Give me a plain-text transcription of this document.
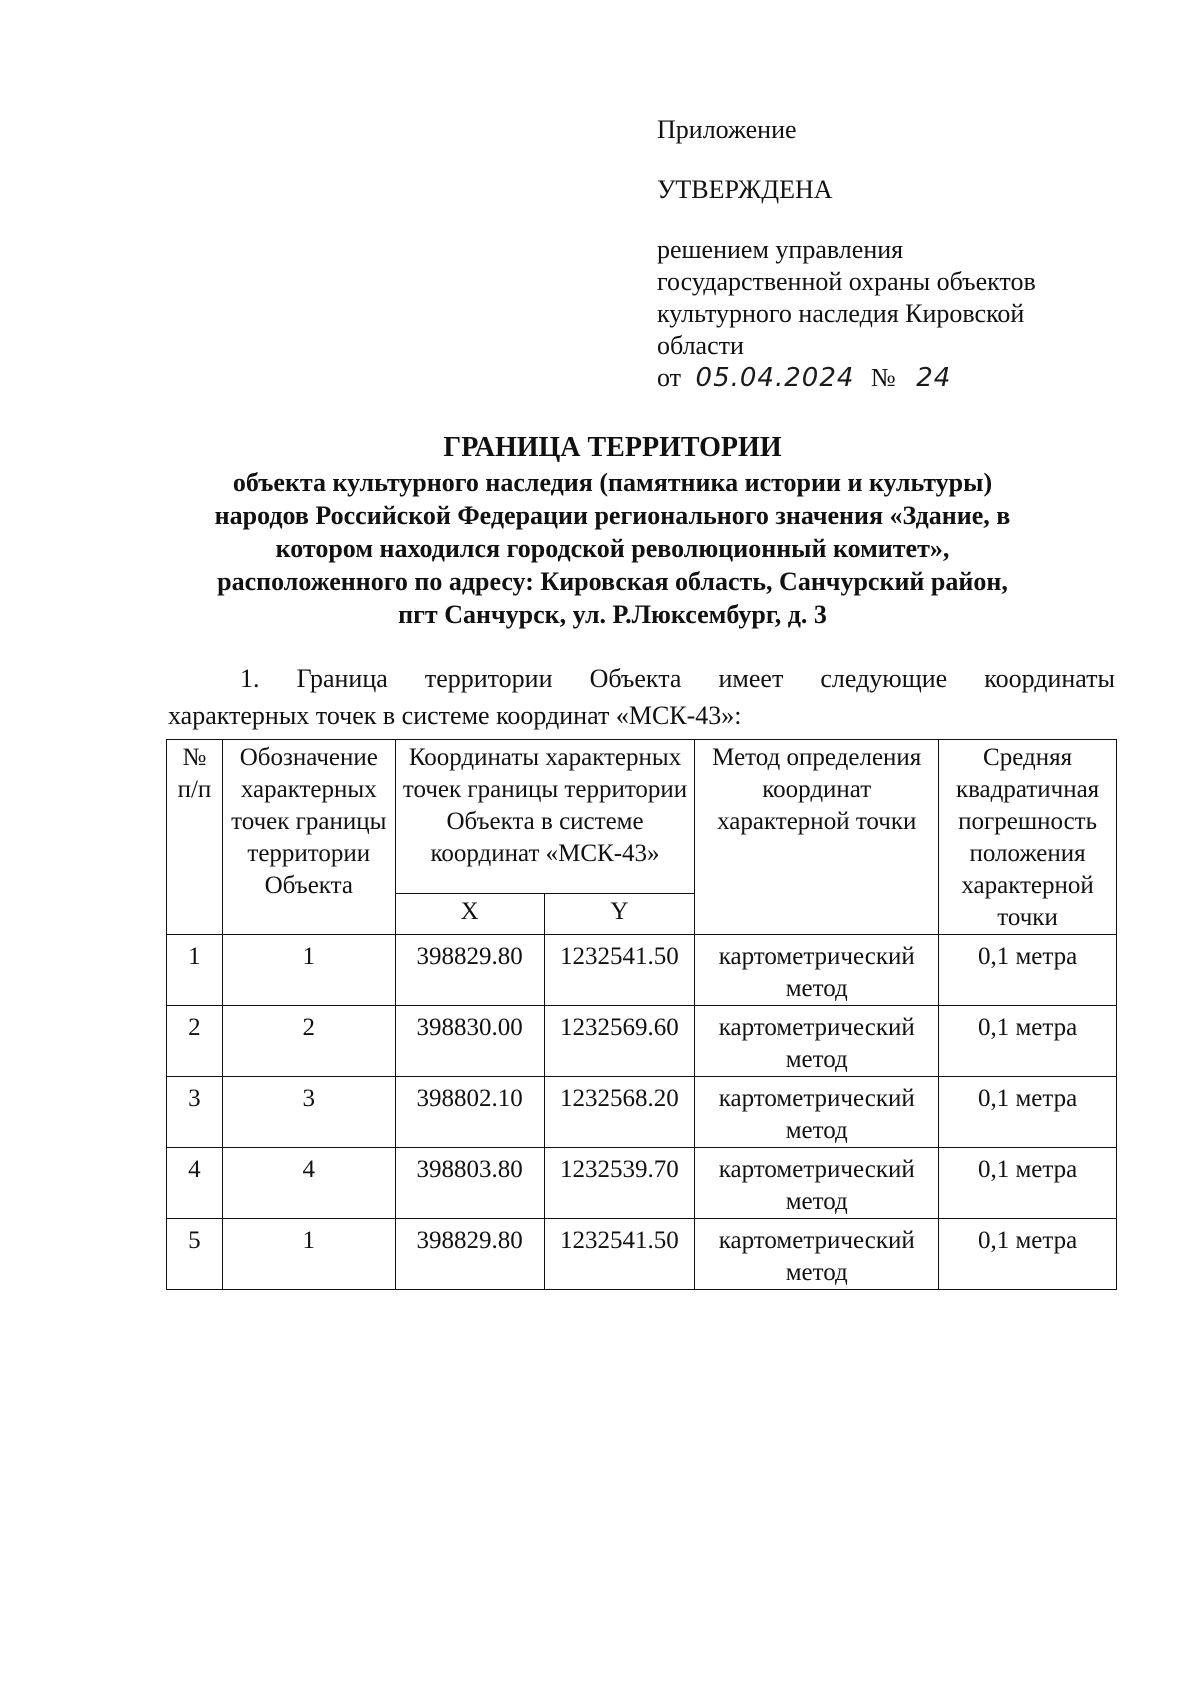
Приложение
УТВЕРЖДЕНА
решением управления
государственной охраны объектов
культурного наследия Кировской
области
от 05.04.2024 № 24
ГРАНИЦА ТЕРРИТОРИИ
объекта культурного наследия (памятника истории и культуры)
народов Российской Федерации регионального значения «Здание, в
котором находился городской революционный комитет»,
расположенного по адресу: Кировская область, Санчурский район,
пгт Санчурск, ул. Р.Люксембург, д. 3
1. Граница территории Объекта имеет следующие координаты
характерных точек в системе координат «МСК-43»:
№ п/п	Обозначение характерных точек границы территории Объекта	Координаты характерных точек границы территории Объекта в системе координат «МСК-43»		Метод определения координат характерной точки	Средняя квадратичная погрешность положения характерной точки
		X	Y		
1	1	398829.80	1232541.50	картометрический метод	0,1 метра
2	2	398830.00	1232569.60	картометрический метод	0,1 метра
3	3	398802.10	1232568.20	картометрический метод	0,1 метра
4	4	398803.80	1232539.70	картометрический метод	0,1 метра
5	1	398829.80	1232541.50	картометрический метод	0,1 метра
